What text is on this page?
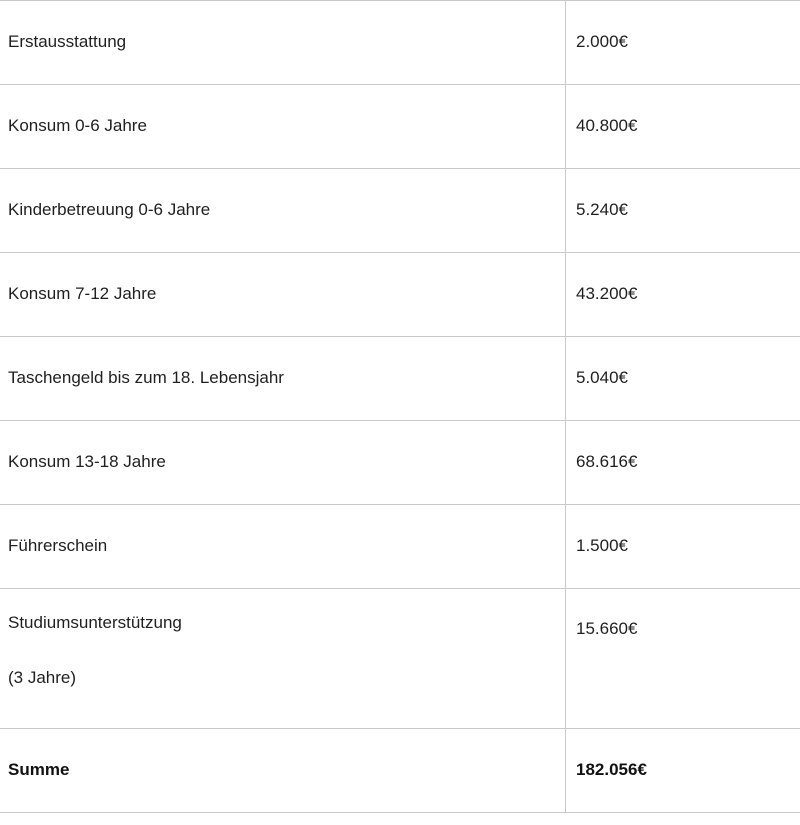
Erstausstattung	2.000€
Konsum 0-6 Jahre	40.800€
Kinderbetreuung 0-6 Jahre	5.240€
Konsum 7-12 Jahre	43.200€
Taschengeld bis zum 18. Lebensjahr	5.040€
Konsum 13-18 Jahre	68.616€
Führerschein	1.500€
Studiumsunterstützung
(3 Jahre)	15.660€
Summe	182.056€
